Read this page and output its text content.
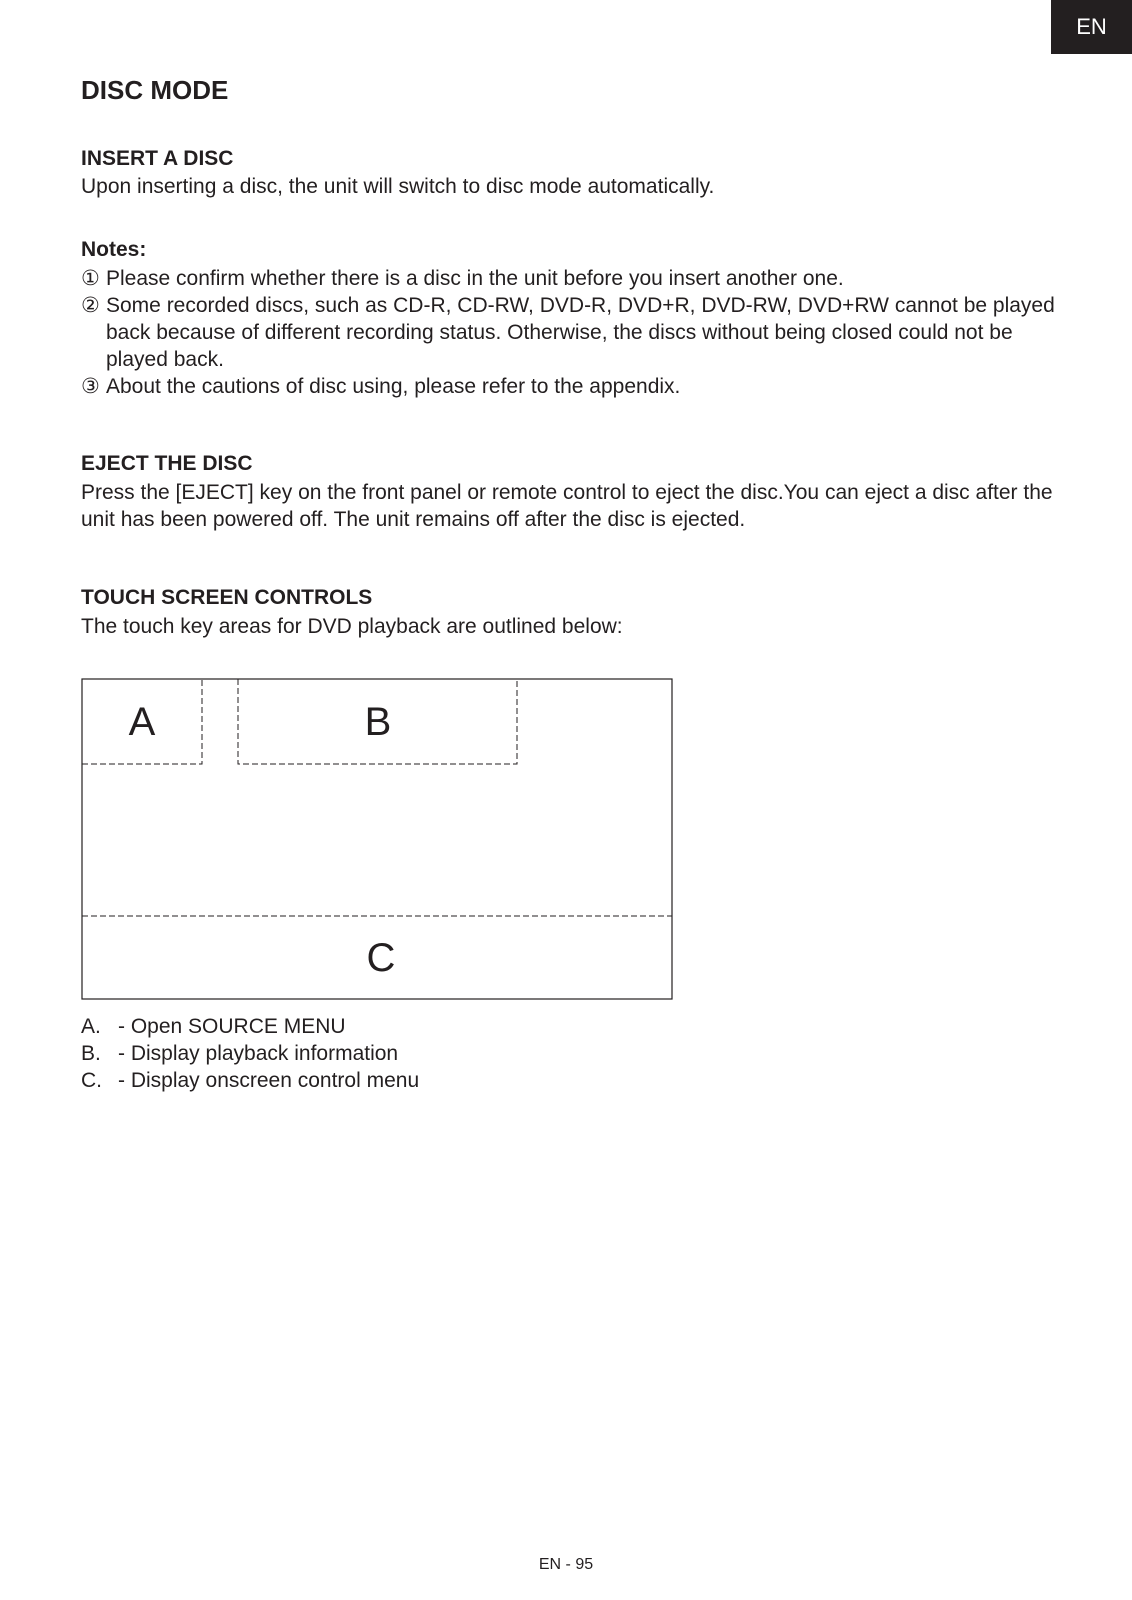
EN
DISC MODE
INSERT A DISC

Upon inserting a disc, the unit will switch to disc mode automatically.

Notes:
① Please confirm whether there is a disc in the unit before you insert another one.
② Some recorded discs, such as CD-R, CD-RW, DVD-R, DVD+R, DVD-RW, DVD+RW cannot be played back because of different recording status. Otherwise, the discs without being closed could not be played back.
③ About the cautions of disc using, please refer to the appendix.
EJECT THE DISC

Press the [EJECT] key on the front panel or remote control to eject the disc.You can eject a disc after the unit has been powered off. The unit remains off after the disc is ejected.

TOUCH SCREEN CONTROLS

The touch key areas for DVD playback are outlined below:

A. - Open SOURCE MENU
B. - Display playback information
C. - Display onscreen control menu
A	B
C
EN - 95
